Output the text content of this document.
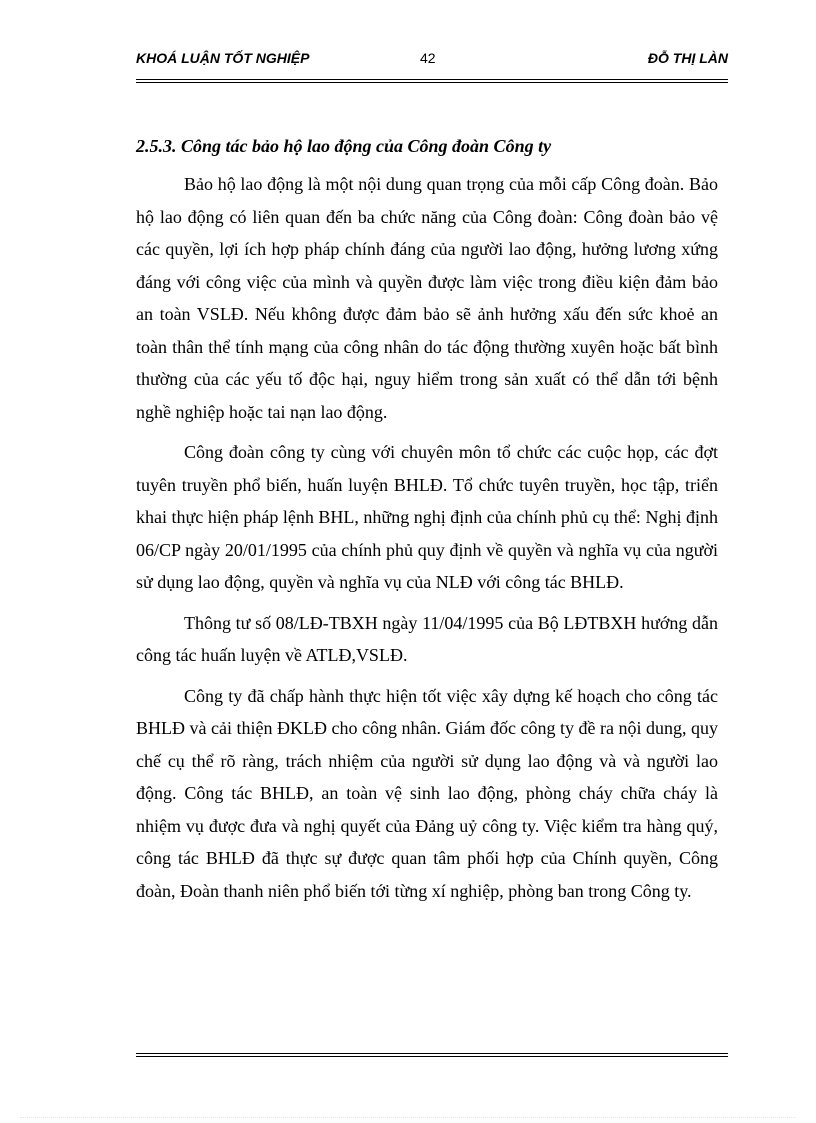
KHOÁ LUẬN TỐT NGHIỆP	42	ĐỖ THỊ LÀN
2.5.3. Công tác bảo hộ lao động của Công đoàn Công ty

Bảo hộ lao động là một nội dung quan trọng của mỗi cấp Công đoàn. Bảo hộ lao động có liên quan đến ba chức năng của Công đoàn: Công đoàn bảo vệ các quyền, lợi ích hợp pháp chính đáng của người lao động, hưởng lương xứng đáng với công việc của mình và quyền được làm việc trong điều kiện đảm bảo an toàn VSLĐ. Nếu không được đảm bảo sẽ ảnh hưởng xấu đến sức khoẻ an toàn thân thể tính mạng của công nhân do tác động thường xuyên hoặc bất bình thường của các yếu tố độc hại, nguy hiểm trong sản xuất có thể dẫn tới bệnh nghề nghiệp hoặc tai nạn lao động.

Công đoàn công ty cùng với chuyên môn tổ chức các cuộc họp, các đợt tuyên truyền phổ biến, huấn luyện BHLĐ. Tổ chức tuyên truyền, học tập, triển khai thực hiện pháp lệnh BHL, những nghị định của chính phủ cụ thể: Nghị định 06/CP ngày 20/01/1995 của chính phủ quy định về quyền và nghĩa vụ của người sử dụng lao động, quyền và nghĩa vụ của NLĐ với công tác BHLĐ.

Thông tư số 08/LĐ-TBXH ngày 11/04/1995 của Bộ LĐTBXH hướng dẫn công tác huấn luyện về ATLĐ,VSLĐ.

Công ty đã chấp hành thực hiện tốt việc xây dựng kế hoạch cho công tác BHLĐ và cải thiện ĐKLĐ cho công nhân. Giám đốc công ty đề ra nội dung, quy chế cụ thể rõ ràng, trách nhiệm của người sử dụng lao động và và người lao động. Công tác BHLĐ, an toàn vệ sinh lao động, phòng cháy chữa cháy là nhiệm vụ được đưa và nghị quyết của Đảng uỷ công ty. Việc kiểm tra hàng quý, công tác BHLĐ đã thực sự được quan tâm phối hợp của Chính quyền, Công đoàn, Đoàn thanh niên phổ biến tới từng xí nghiệp, phòng ban trong Công ty.
